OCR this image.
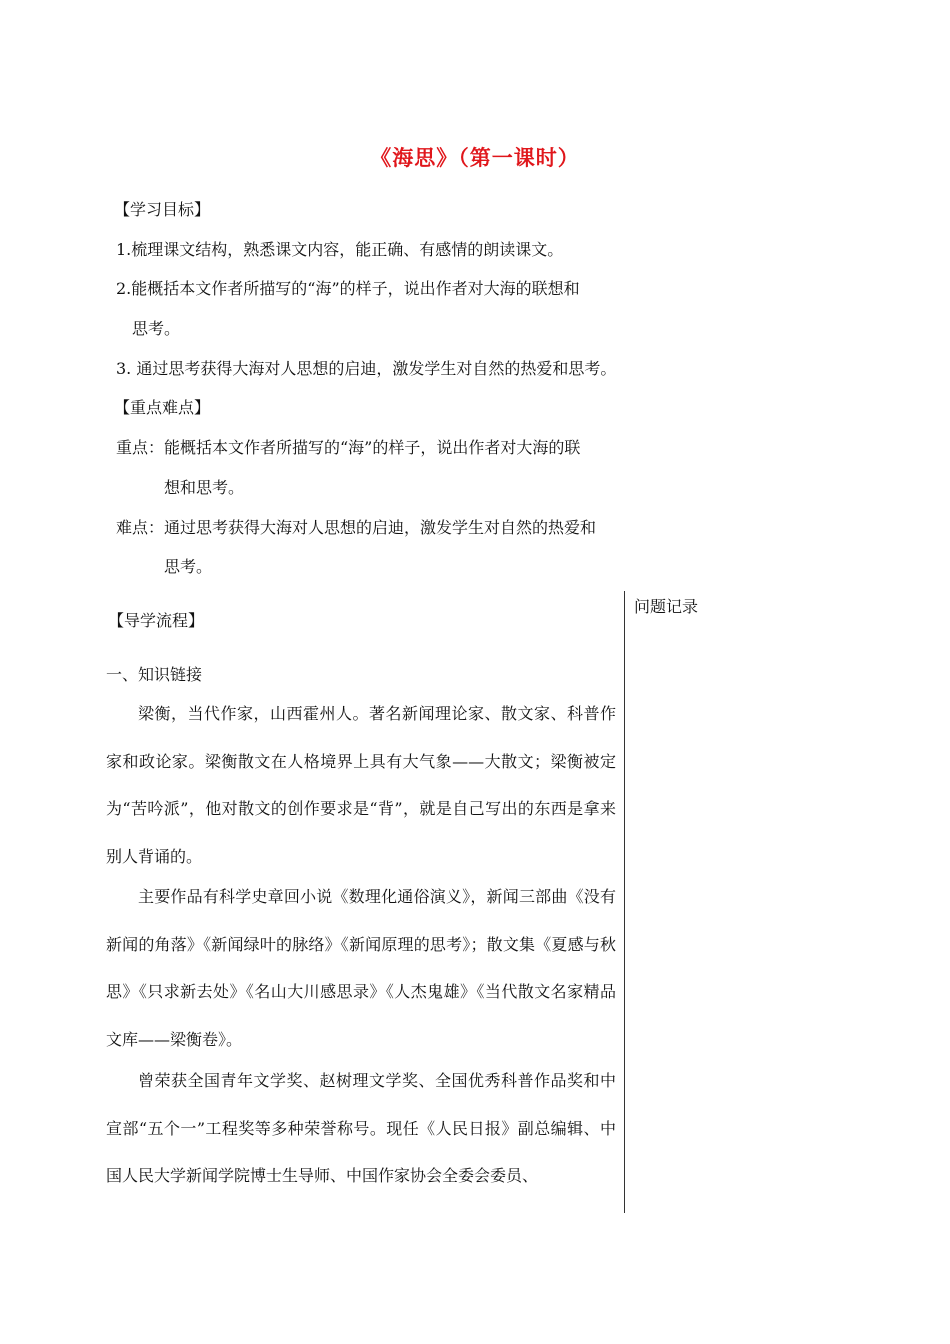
《海思》（第一课时）
【学习目标】
1.梳理课文结构，熟悉课文内容，能正确、有感情的朗读课文。
2.能概括本文作者所描写的“海”的样子，说出作者对大海的联想和
思考。
3. 通过思考获得大海对人思想的启迪，激发学生对自然的热爱和思考。
【重点难点】
重点： 能概括本文作者所描写的“海”的样子，说出作者对大海的联
想和思考。
难点： 通过思考获得大海对人思想的启迪，激发学生对自然的热爱和
思考。
问题记录
【导学流程】
一、知识链接
梁衡，当代作家，山西霍州人。著名新闻理论家、散文家、科普作家和政论家。梁衡散文在人格境界上具有大气象——大散文；梁衡被定为“苦吟派”，他对散文的创作要求是“背”，就是自己写出的东西是拿来别人背诵的。
主要作品有科学史章回小说《数理化通俗演义》，新闻三部曲《没有新闻的角落》《新闻绿叶的脉络》《新闻原理的思考》；散文集《夏感与秋思》《只求新去处》《名山大川感思录》《人杰鬼雄》《当代散文名家精品文库——梁衡卷》。
曾荣获全国青年文学奖、赵树理文学奖、全国优秀科普作品奖和中宣部“五个一”工程奖等多种荣誉称号。现任《人民日报》副总编辑、中国人民大学新闻学院博士生导师、中国作家协会全委会委员、
